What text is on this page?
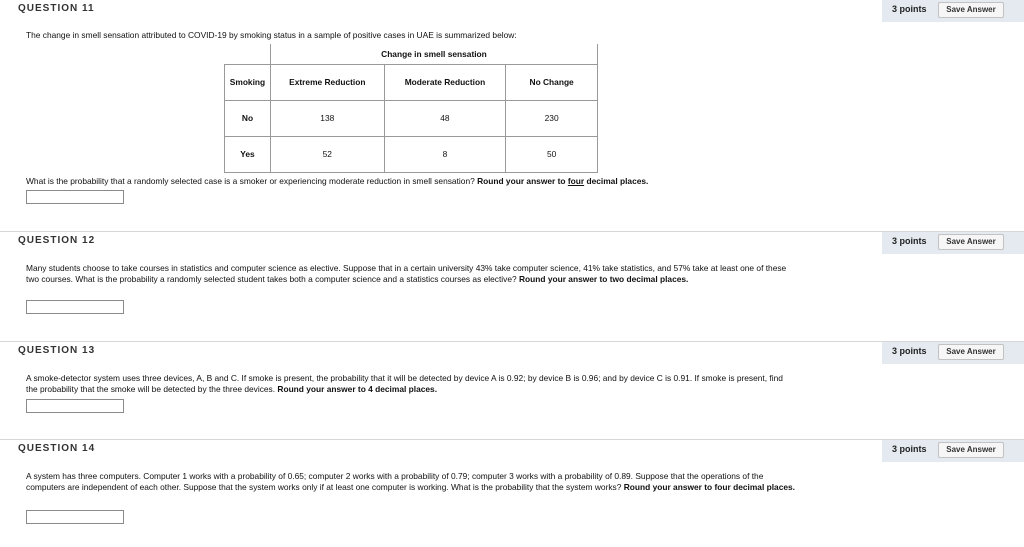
QUESTION 11	3 points	Save Answer
The change in smell sensation attributed to COVID-19 by smoking status in a sample of positive cases in UAE is summarized below:
	Change in smell sensation		
Smoking	Extreme Reduction	Moderate Reduction	No Change
No	138	48	230
Yes	52	8	50
What is the probability that a randomly selected case is a smoker or experiencing moderate reduction in smell sensation? Round your answer to four decimal places.
QUESTION 12	3 points	Save Answer
Many students choose to take courses in statistics and computer science as elective. Suppose that in a certain university 43% take computer science, 41% take statistics, and 57% take at least one of these two courses. What is the probability a randomly selected student takes both a computer science and a statistics courses as elective? Round your answer to two decimal places.
QUESTION 13	3 points	Save Answer
A smoke-detector system uses three devices, A, B and C. If smoke is present, the probability that it will be detected by device A is 0.92; by device B is 0.96; and by device C is 0.91. If smoke is present, find the probability that the smoke will be detected by the three devices. Round your answer to 4 decimal places.
QUESTION 14	3 points	Save Answer
A system has three computers. Computer 1 works with a probability of 0.65; computer 2 works with a probability of 0.79; computer 3 works with a probability of 0.89. Suppose that the operations of the computers are independent of each other. Suppose that the system works only if at least one computer is working. What is the probability that the system works? Round your answer to four decimal places.
